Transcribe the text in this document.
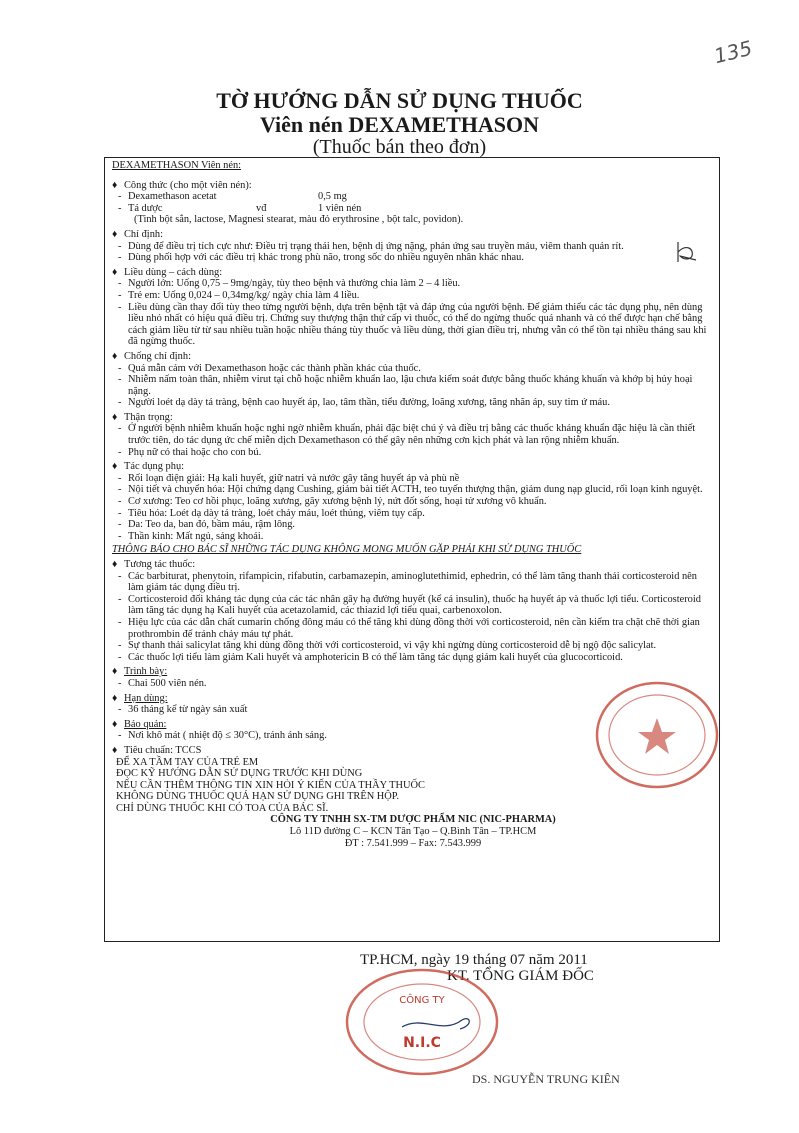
135
TỜ HƯỚNG DẪN SỬ DỤNG THUỐC
Viên nén DEXAMETHASON
(Thuốc bán theo đơn)
DEXAMETHASON Viên nén:
♦ Công thức (cho một viên nén):
- Dexamethason acetat	0,5 mg
- Tá dược	vđ	1 viên nén
(Tinh bột sắn, lactose, Magnesi stearat, màu đỏ erythrosine , bột talc, povidon).
♦ Chỉ định:
- Dùng để điều trị tích cực như: Điều trị trạng thái hen, bệnh dị ứng nặng, phản ứng sau truyền máu, viêm thanh quản rít.
- Dùng phối hợp với các điều trị khác trong phù não, trong sốc do nhiều nguyên nhân khác nhau.
♦ Liều dùng – cách dùng:
- Người lớn: Uống 0,75 – 9mg/ngày, tùy theo bệnh và thường chia làm 2 – 4 liều.
- Trẻ em: Uống 0,024 – 0,34mg/kg/ ngày chia làm 4 liều.
- Liều dùng cần thay đổi tùy theo từng người bệnh, dựa trên bệnh tật và đáp ứng của người bệnh. Để giảm thiểu các tác dụng phụ, nên dùng liều nhỏ nhất có hiệu quả điều trị. Chứng suy thượng thận thứ cấp vì thuốc, có thể do ngừng thuốc quá nhanh và có thể được hạn chế bằng cách giảm liều từ từ sau nhiều tuần hoặc nhiều tháng tùy thuốc và liều dùng, thời gian điều trị, nhưng vẫn có thể tồn tại nhiều tháng sau khi đã ngừng thuốc.
♦ Chống chỉ định:
- Quá mẫn cảm với Dexamethason hoặc các thành phần khác của thuốc.
- Nhiễm nấm toàn thân, nhiễm virut tại chỗ hoặc nhiễm khuẩn lao, lậu chưa kiểm soát được bằng thuốc kháng khuẩn và khớp bị hủy hoại nặng.
- Người loét dạ dày tá tràng, bệnh cao huyết áp, lao, tâm thần, tiểu đường, loãng xương, tăng nhãn áp, suy tim ứ máu.
♦ Thận trọng:
- Ở người bệnh nhiễm khuẩn hoặc nghi ngờ nhiễm khuẩn, phải đặc biệt chú ý và điều trị bằng các thuốc kháng khuẩn đặc hiệu là cần thiết trước tiên, do tác dụng ức chế miễn dịch Dexamethason có thể gây nên những cơn kịch phát và lan rộng nhiễm khuẩn.
- Phụ nữ có thai hoặc cho con bú.
♦ Tác dụng phụ:
- Rối loạn điện giải: Hạ kali huyết, giữ natri và nước gây tăng huyết áp và phù nề
- Nội tiết và chuyển hóa: Hội chứng dạng Cushing, giảm bài tiết ACTH, teo tuyến thượng thận, giảm dung nạp glucid, rối loạn kinh nguyệt.
- Cơ xương: Teo cơ hồi phục, loãng xương, gãy xương bệnh lý, nứt đốt sống, hoại tử xương vô khuẩn.
- Tiêu hóa: Loét dạ dày tá tràng, loét chảy máu, loét thủng, viêm tụy cấp.
- Da: Teo da, ban đỏ, bầm máu, rậm lông.
- Thần kinh: Mất ngủ, sảng khoái.
THÔNG BÁO CHO BÁC SĨ NHỮNG TÁC DỤNG KHÔNG MONG MUỐN GẶP PHẢI KHI SỬ DỤNG THUỐC
♦ Tương tác thuốc:
- Các barbiturat, phenytoin, rifampicin, rifabutin, carbamazepin, aminoglutethimid, ephedrin, có thể làm tăng thanh thải corticosteroid nên làm giảm tác dụng điều trị.
- Corticosteroid đối kháng tác dụng của các tác nhân gây hạ đường huyết (kể cả insulin), thuốc hạ huyết áp và thuốc lợi tiểu. Corticosteroid làm tăng tác dụng hạ Kali huyết của acetazolamid, các thiazid lợi tiểu quai, carbenoxolon.
- Hiệu lực của các dẫn chất cumarin chống đông máu có thể tăng khi dùng đồng thời với corticosteroid, nên cần kiểm tra chặt chẽ thời gian prothrombin để tránh chảy máu tự phát.
- Sự thanh thải salicylat tăng khi dùng đồng thời với corticosteroid, vì vậy khi ngừng dùng corticosteroid dễ bị ngộ độc salicylat.
- Các thuốc lợi tiểu làm giảm Kali huyết và amphotericin B có thể làm tăng tác dụng giảm kali huyết của glucocorticoid.
♦ Trình bày:
- Chai 500 viên nén.
♦ Hạn dùng:
- 36 tháng kể từ ngày sản xuất
♦ Bảo quản:
- Nơi khô mát ( nhiệt độ ≤ 30°C), tránh ánh sáng.
♦ Tiêu chuẩn: TCCS
ĐỂ XA TẦM TAY CỦA TRẺ EM
ĐỌC KỸ HƯỚNG DẪN SỬ DỤNG TRƯỚC KHI DÙNG
NẾU CẦN THÊM THÔNG TIN XIN HỎI Ý KIẾN CỦA THẦY THUỐC
KHÔNG DÙNG THUỐC QUÁ HẠN SỬ DỤNG GHI TRÊN HỘP.
CHỈ DÙNG THUỐC KHI CÓ TOA CỦA BÁC SĨ.
CÔNG TY TNHH SX-TM DƯỢC PHẨM NIC (NIC-PHARMA)
Lô 11D đường C – KCN Tân Tạo – Q.Bình Tân – TP.HCM
ĐT : 7.541.999 – Fax: 7.543.999
TP.HCM, ngày 19 tháng 07 năm 2011
KT. TỔNG GIÁM ĐỐC
CÔNG TY
N.I.C
DS. NGUYỄN TRUNG KIÊN
